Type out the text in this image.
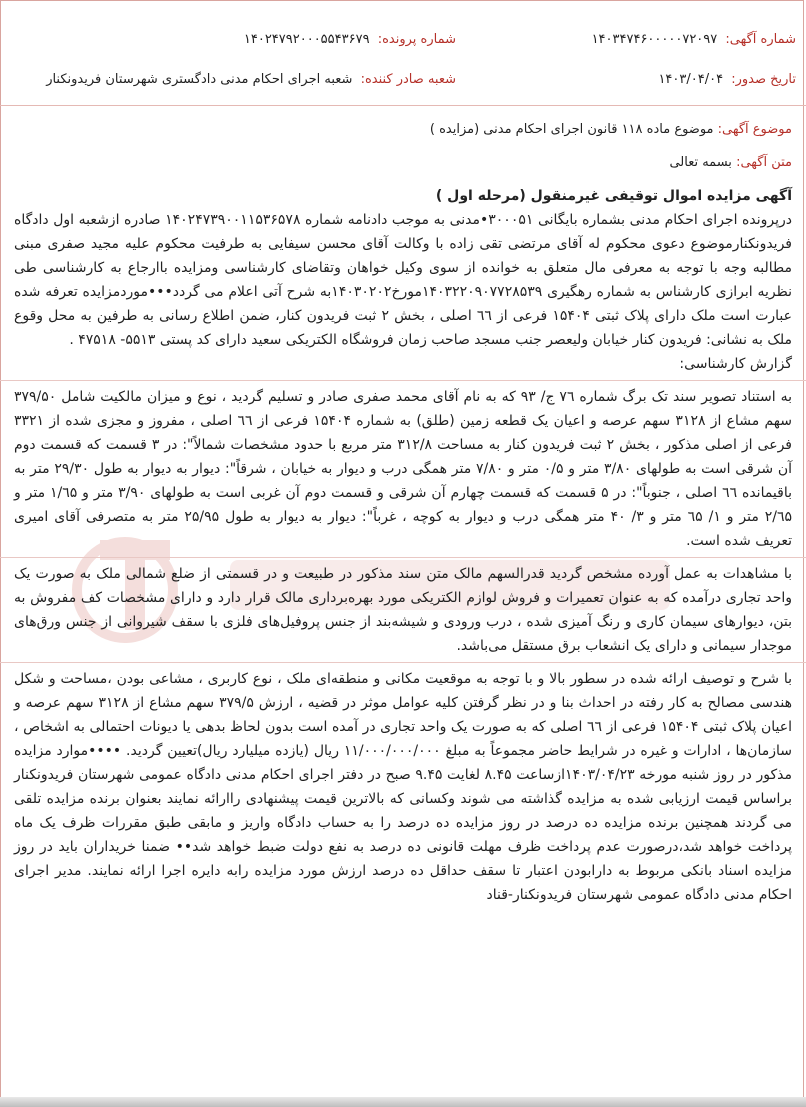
شماره آگهی: ۱۴۰۳۴۷۴۶۰۰۰۰۰۷۲۰۹۷
شماره پرونده: ۱۴۰۲۴۷۹۲۰۰۰۵۵۴۳۶۷۹
تاریخ صدور: ۱۴۰۳/۰۴/۰۴
شعبه صادر کننده: شعبه اجرای احکام مدنی دادگستری شهرستان فریدونکنار
موضوع آگهی: موضوع ماده ۱۱۸ قانون اجرای احکام مدنی (مزایده )
متن آگهی: بسمه تعالی

آگهی مزایده اموال توقیفی غیرمنقول (مرحله اول )

درپرونده اجرای احکام مدنی بشماره بایگانی ۳۰۰۰۵۱•مدنی به موجب دادنامه شماره ۱۴۰۲۴۷۳۹۰۰۱۱۵۳۶۵۷۸ صادره ازشعبه اول دادگاه فریدونکنارموضوع دعوی محکوم له آقای مرتضی تقی زاده با وکالت آقای محسن سیفایی به طرفیت محکوم علیه مجید صفری مبنی مطالبه وجه با توجه به معرفی مال متعلق به خوانده از سوی وکیل خواهان وتقاضای کارشناسی ومزایده باارجاع به کارشناسی طی نظریه ابرازی کارشناس به شماره رهگیری ۱۴۰۳۲۲۰۹۰۷۷۲۸۵۳۹مورخ۱۴۰۳۰۲۰۲به شرح آتی اعلام می گردد•••موردمزایده تعرفه شده عبارت است ملک دارای پلاک ثبتی ۱۵۴۰۴ فرعی از ٦٦ اصلی ، بخش ۲ ثبت فریدون کنار، ضمن اطلاع رسانی به طرفین به محل وقوع ملک به نشانی: فریدون کنار خیابان ولیعصر جنب مسجد صاحب زمان فروشگاه الکتریکی سعید دارای کد پستی ۵۵۱۳- ۴۷۵۱۸ .

گزارش کارشناسی:

به استناد تصویر سند تک برگ شماره ٧٦ ج/ ۹۳ که به نام آقای محمد صفری صادر و تسلیم گردید ، نوع و میزان مالکیت شامل ۳۷۹/۵۰ سهم مشاع از ۳۱۲۸ سهم عرصه و اعیان یک قطعه زمین (طلق) به شماره ۱۵۴۰۴ فرعی از ٦٦ اصلی ، مفروز و مجزی شده از ۳۳۲۱ فرعی از اصلی مذکور ، بخش ۲ ثبت فریدون کنار به مساحت ۳۱۲/۸ متر مربع با حدود مشخصات شمالاً": در ۳ قسمت که قسمت دوم آن شرقی است به طولهای ۳/۸۰ متر و ۰/۵ متر و ۷/۸۰ متر همگی درب و دیوار به خیابان ، شرقاً": دیوار به دیوار به طول ۲۹/۳۰ متر به باقیمانده ٦٦ اصلی ، جنوباً": در ۵ قسمت که قسمت چهارم آن شرقی و قسمت دوم آن غربی است به طولهای ۳/۹۰ متر و ۱/٦۵ متر و ۲/٦۵ متر و ۱/ ٦۵ متر و ۳/ ۴۰ متر همگی درب و دیوار به کوچه ، غرباً": دیوار به دیوار به طول ۲۵/۹۵ متر به متصرفی آقای امیری تعریف شده است.

با مشاهدات به عمل آورده مشخص گردید قدرالسهم مالک متن سند مذکور در طبیعت و در قسمتی از ضلع شمالی ملک به صورت یک واحد تجاری درآمده که به عنوان تعمیرات و فروش لوازم الکتریکی مورد بهره‌برداری مالک قرار دارد و دارای مشخصات کف مفروش به بتن، دیوارهای سیمان کاری و رنگ آمیزی شده ، درب ورودی و شیشه‌بند از جنس پروفیل‌های فلزی با سقف شیروانی از جنس ورق‌های موجدار سیمانی و دارای یک انشعاب برق مستقل می‌باشد.

با شرح و توصیف ارائه شده در سطور بالا و با توجه به موقعیت مکانی و منطقه‌ای ملک ، نوع کاربری ، مشاعی بودن ،مساحت و شکل هندسی مصالح به کار رفته در احداث بنا و در نظر گرفتن کلیه عوامل موثر در قضیه ، ارزش ۳۷۹/۵ سهم مشاع از ۳۱۲۸ سهم عرصه و اعیان پلاک ثبتی ۱۵۴۰۴ فرعی از ٦٦ اصلی که به صورت یک واحد تجاری در آمده است بدون لحاظ بدهی یا دیونات احتمالی به اشخاص ، سازمان‌ها ، ادارات و غیره در شرایط حاضر مجموعاً به مبلغ ۱۱/۰۰۰/۰۰۰/۰۰۰ ریال (یازده میلیارد ریال)تعیین گردید. ••••موارد مزایده مذکور در روز شنبه مورخه ۱۴۰۳/۰۴/۲۳ازساعت ۸.۴۵ لغایت ۹.۴۵ صبح در دفتر اجرای احکام مدنی دادگاه عمومی شهرستان فریدونکنار براساس قیمت ارزیابی شده به مزایده گذاشته می شوند وکسانی که بالاترین قیمت پیشنهادی راارائه نمایند بعنوان برنده مزایده تلقی می گردند همچنین برنده مزایده ده درصد در روز مزایده ده درصد را به حساب دادگاه واریز و مابقی طبق مقررات ظرف یک ماه پرداخت خواهد شد،درصورت عدم پرداخت ظرف مهلت قانونی ده درصد به نفع دولت ضبط خواهد شد•• ضمنا خریداران باید در روز مزایده اسناد بانکی مربوط به دارابودن اعتبار تا سقف حداقل ده درصد ارزش مورد مزایده رابه دایره اجرا ارائه نمایند. مدیر اجرای احکام مدنی دادگاه عمومی شهرستان فریدونکنار-قناد
